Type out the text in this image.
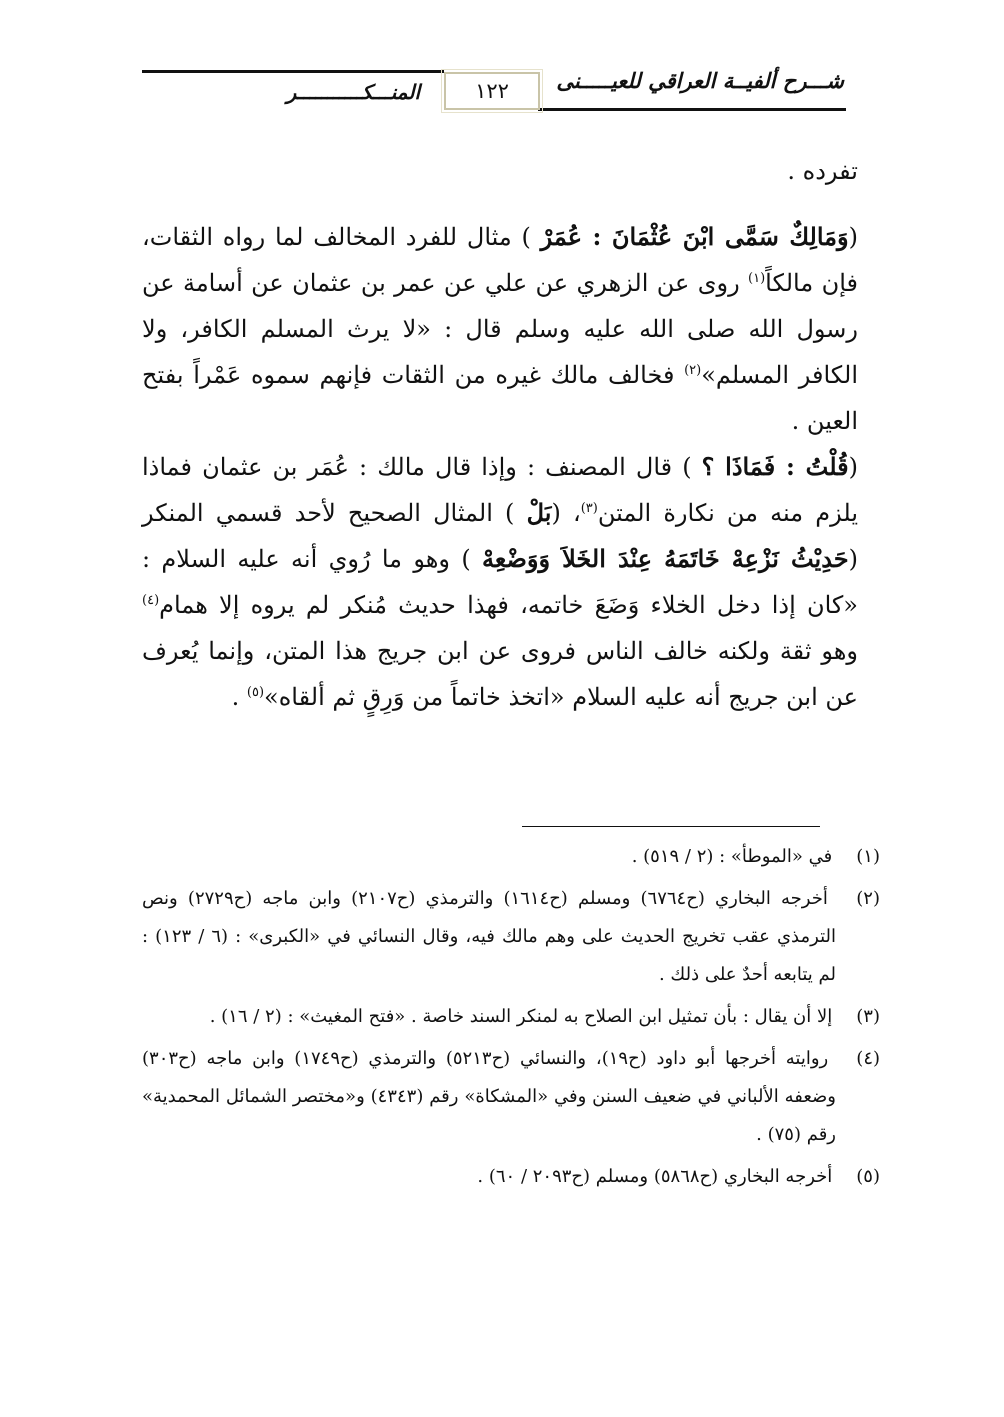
شـــرح ألفيــة العراقي للعيـــــنى
١٢٢
المنـــكـــــــــــر

تفرده .

(وَمَالِكٌ سَمَّى ابْنَ عُثْمَانَ : عُمَرْ ) مثال للفرد المخالف لما رواه الثقات، فإن مالكاً$^{(١)}$ روى عن الزهري عن علي عن عمر بن عثمان عن أسامة عن رسول الله صلى الله عليه وسلم قال : «لا يرث المسلم الكافر، ولا الكافر المسلم»$^{(٢)}$ فخالف مالك غيره من الثقات فإنهم سموه عَمْراً بفتح العين .

(قُلْتُ : فَمَاذَا ؟ ) قال المصنف : وإذا قال مالك : عُمَر بن عثمان فماذا يلزم منه من نكارة المتن$^{(٣)}$، (بَلْ ) المثال الصحيح لأحد قسمي المنكر (حَدِيْثُ نَزْعِهْ خَاتَمَهُ عِنْدَ الخَلاَ وَوَضْعِهْ ) وهو ما رُوي أنه عليه السلام : «كان إذا دخل الخلاء وَضَعَ خاتمه، فهذا حديث مُنكر لم يروه إلا همام$^{(٤)}$ وهو ثقة ولكنه خالف الناس فروى عن ابن جريج هذا المتن، وإنما يُعرف عن ابن جريج أنه عليه السلام «اتخذ خاتماً من وَرِقٍ ثم ألقاه»$^{(٥)}$ .

(١) في «الموطأ» : (٢ / ٥١٩) .

(٢) أخرجه البخاري (ح٦٧٦٤) ومسلم (ح١٦١٤) والترمذي (ح٢١٠٧) وابن ماجه (ح٢٧٢٩) ونص الترمذي عقب تخريج الحديث على وهم مالك فيه، وقال النسائي في «الكبرى» : (٦ / ١٢٣) : لم يتابعه أحدٌ على ذلك .

(٣) إلا أن يقال : بأن تمثيل ابن الصلاح به لمنكر السند خاصة . «فتح المغيث» : (٢ / ١٦) .

(٤) روايته أخرجها أبو داود (ح١٩)، والنسائي (ح٥٢١٣) والترمذي (ح١٧٤٩) وابن ماجه (ح٣٠٣) وضعفه الألباني في ضعيف السنن وفي «المشكاة» رقم (٤٣٤٣) و«مختصر الشمائل المحمدية» رقم (٧٥) .

(٥) أخرجه البخاري (ح٥٨٦٨) ومسلم (ح٢٠٩٣ / ٦٠) .
